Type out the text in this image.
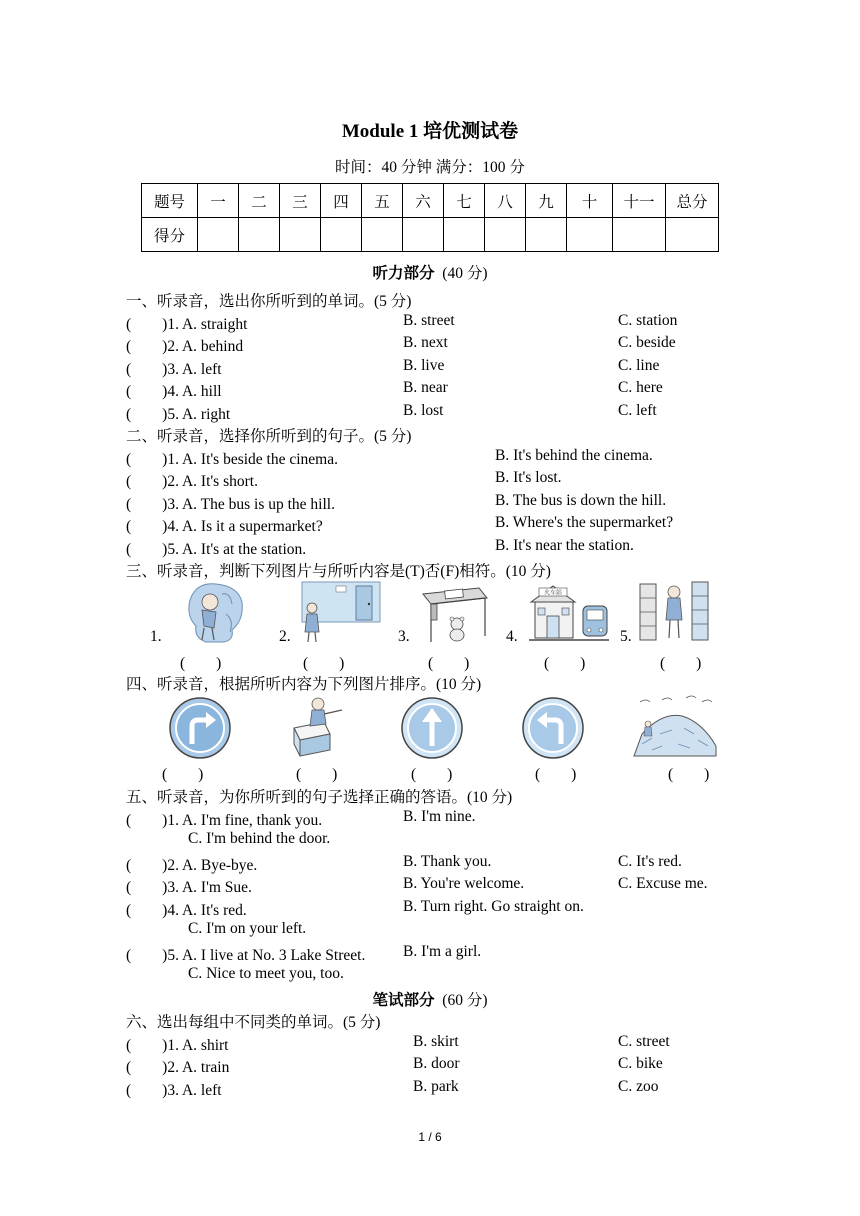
Module 1 培优测试卷
时间：40 分钟 满分：100 分
题号	一	二	三	四	五	六	七	八	九	十	十一	总分
得分												
听力部分 (40 分)
一、听录音，选出你所听到的单词。(5 分)
(　　)1. A. straight	B. street	C. station
(　　)2. A. behind	B. next	C. beside
(　　)3. A. left	B. live	C. line
(　　)4. A. hill	B. near	C. here
(　　)5. A. right	B. lost	C. left
二、听录音，选择你所听到的句子。(5 分)
(　　)1. A. It's beside the cinema.	B. It's behind the cinema.
(　　)2. A. It's short.	B. It's lost.
(　　)3. A. The bus is up the hill.	B. The bus is down the hill.
(　　)4. A. Is it a supermarket?	B. Where's the supermarket?
(　　)5. A. It's at the station.	B. It's near the station.
三、听录音，判断下列图片与所听内容是(T)否(F)相符。(10 分)
1.	2.	3.	4.
火车站
5.
(　　)	(　　)	(　　)	(　　)	(　　)
四、听录音，根据所听内容为下列图片排序。(10 分)
(　　)	(　　)	(　　)	(　　)	(　　)
五、听录音，为你所听到的句子选择正确的答语。(10 分)
(　　)1. A. I'm fine, thank you.	B. I'm nine.
C. I'm behind the door.
(　　)2. A. Bye-bye.	B. Thank you.	C. It's red.
(　　)3. A. I'm Sue.	B. You're welcome.	C. Excuse me.
(　　)4. A. It's red.	B. Turn right. Go straight on.
C. I'm on your left.
(　　)5. A. I live at No. 3 Lake Street. B. I'm a girl.
C. Nice to meet you, too.
笔试部分 (60 分)
六、选出每组中不同类的单词。(5 分)
(　　)1. A. shirt	B. skirt	C. street
(　　)2. A. train	B. door	C. bike
(　　)3. A. left	B. park	C. zoo
1 / 6
